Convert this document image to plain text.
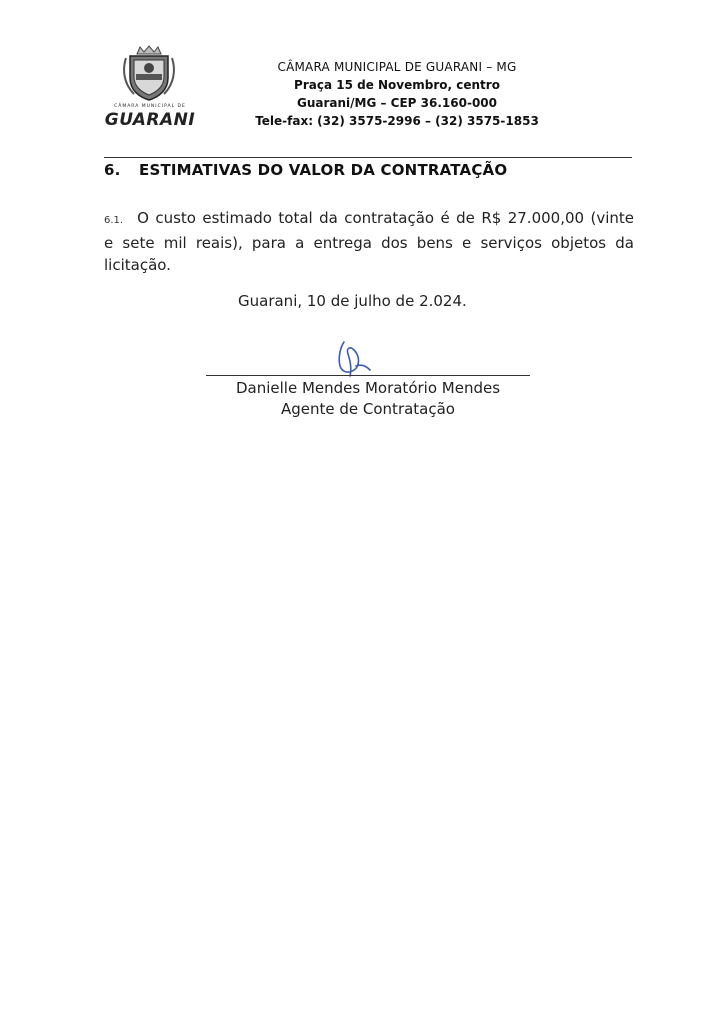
CÂMARA MUNICIPAL DE
GUARANI
CÂMARA MUNICIPAL DE GUARANI – MG
Praça 15 de Novembro, centro
Guarani/MG – CEP 36.160-000
Tele-fax: (32) 3575-2996 – (32) 3575-1853
6. ESTIMATIVAS DO VALOR DA CONTRATAÇÃO
6.1. O custo estimado total da contratação é de R$ 27.000,00 (vinte
e sete mil reais), para a entrega dos bens e serviços objetos da
licitação.
Guarani, 10 de julho de 2.024.
Danielle Mendes Moratório Mendes
Agente de Contratação
